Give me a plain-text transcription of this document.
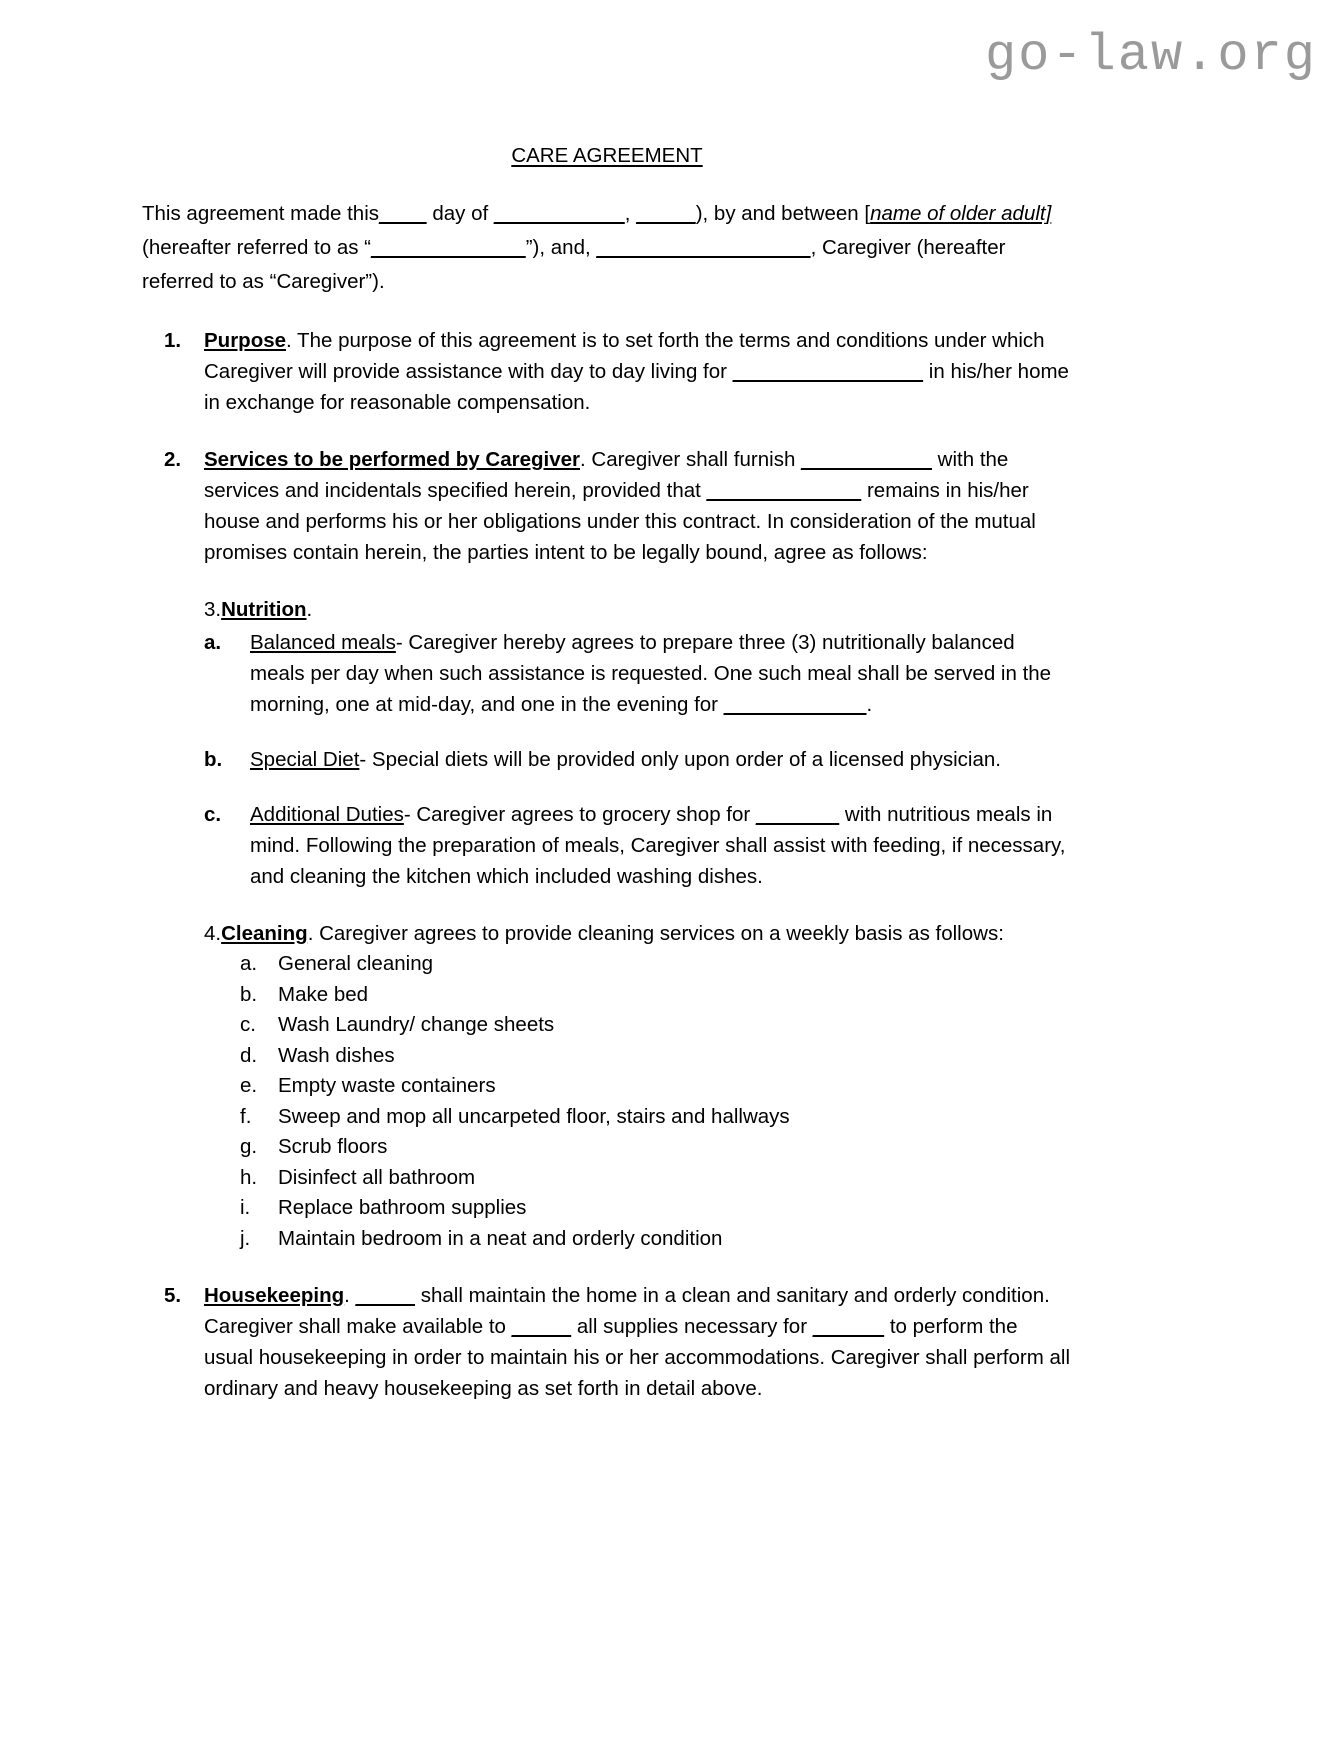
go-law.org
CARE AGREEMENT

This agreement made this____ day of ___________, _____), by and between [name of older adult] (hereafter referred to as “_____________”), and, __________________, Caregiver (hereafter referred to as “Caregiver”).

1.	Purpose. The purpose of this agreement is to set forth the terms and conditions under which Caregiver will provide assistance with day to day living for ________________ in his/her home in exchange for reasonable compensation.
2.	Services to be performed by Caregiver. Caregiver shall furnish ___________ with the services and incidentals specified herein, provided that _____________ remains in his/her house and performs his or her obligations under this contract. In consideration of the mutual promises contain herein, the parties intent to be legally bound, agree as follows:
3.Nutrition.
a. Balanced meals- Caregiver hereby agrees to prepare three (3) nutritionally balanced meals per day when such assistance is requested. One such meal shall be served in the morning, one at mid-day, and one in the evening for ____________.
b. Special Diet- Special diets will be provided only upon order of a licensed physician.
c. Additional Duties- Caregiver agrees to grocery shop for _______ with nutritious meals in mind. Following the preparation of meals, Caregiver shall assist with feeding, if necessary, and cleaning the kitchen which included washing dishes.
4.Cleaning. Caregiver agrees to provide cleaning services on a weekly basis as follows:
a. General cleaning
b. Make bed
c. Wash Laundry/ change sheets
d. Wash dishes
e. Empty waste containers
f. Sweep and mop all uncarpeted floor, stairs and hallways
g. Scrub floors
h. Disinfect all bathroom
i. Replace bathroom supplies
j. Maintain bedroom in a neat and orderly condition
5.	Housekeeping. _____ shall maintain the home in a clean and sanitary and orderly condition. Caregiver shall make available to _____ all supplies necessary for ______ to perform the usual housekeeping in order to maintain his or her accommodations. Caregiver shall perform all ordinary and heavy housekeeping as set forth in detail above.
